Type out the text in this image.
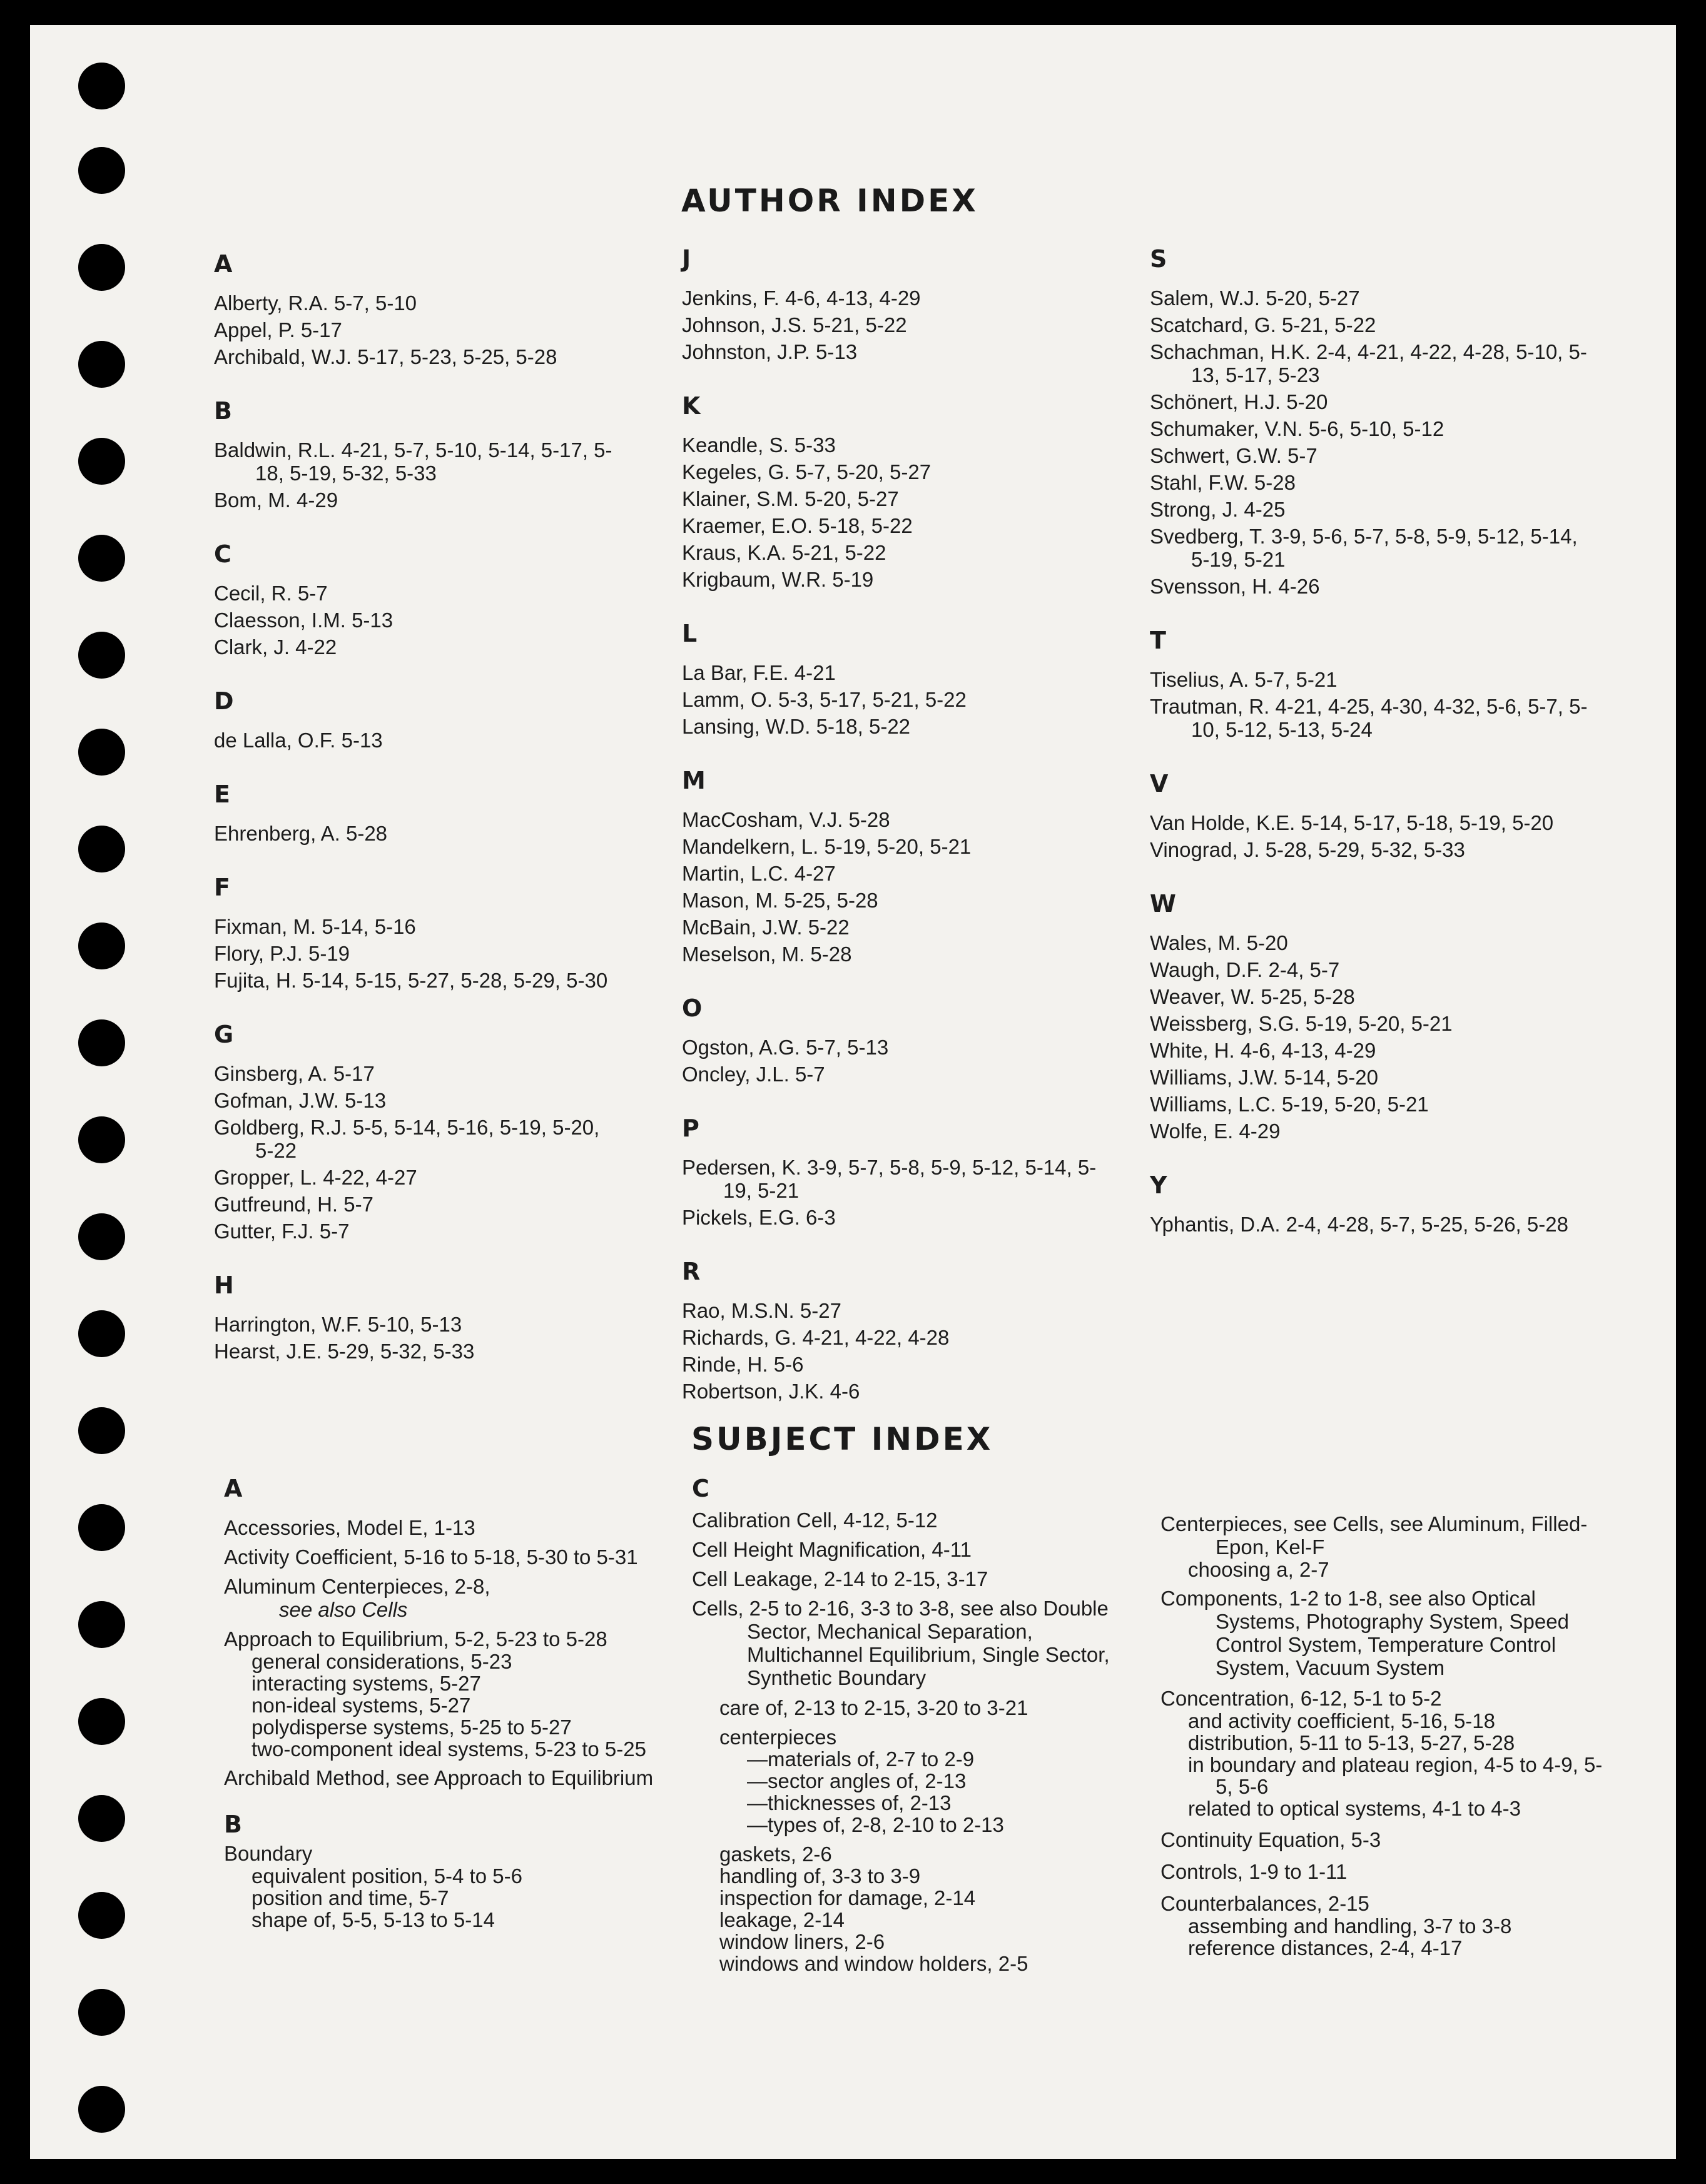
AUTHOR INDEX
A
Alberty, R.A. 5-7, 5-10
Appel, P. 5-17
Archibald, W.J. 5-17, 5-23, 5-25, 5-28
B
Baldwin, R.L. 4-21, 5-7, 5-10, 5-14, 5-17, 5-18, 5-19, 5-32, 5-33
Bom, M. 4-29
C
Cecil, R. 5-7
Claesson, I.M. 5-13
Clark, J. 4-22
D
de Lalla, O.F. 5-13
E
Ehrenberg, A. 5-28
F
Fixman, M. 5-14, 5-16
Flory, P.J. 5-19
Fujita, H. 5-14, 5-15, 5-27, 5-28, 5-29, 5-30
G
Ginsberg, A. 5-17
Gofman, J.W. 5-13
Goldberg, R.J. 5-5, 5-14, 5-16, 5-19, 5-20, 5-22
Gropper, L. 4-22, 4-27
Gutfreund, H. 5-7
Gutter, F.J. 5-7
H
Harrington, W.F. 5-10, 5-13
Hearst, J.E. 5-29, 5-32, 5-33
J
Jenkins, F. 4-6, 4-13, 4-29
Johnson, J.S. 5-21, 5-22
Johnston, J.P. 5-13
K
Keandle, S. 5-33
Kegeles, G. 5-7, 5-20, 5-27
Klainer, S.M. 5-20, 5-27
Kraemer, E.O. 5-18, 5-22
Kraus, K.A. 5-21, 5-22
Krigbaum, W.R. 5-19
L
La Bar, F.E. 4-21
Lamm, O. 5-3, 5-17, 5-21, 5-22
Lansing, W.D. 5-18, 5-22
M
MacCosham, V.J. 5-28
Mandelkern, L. 5-19, 5-20, 5-21
Martin, L.C. 4-27
Mason, M. 5-25, 5-28
McBain, J.W. 5-22
Meselson, M. 5-28
O
Ogston, A.G. 5-7, 5-13
Oncley, J.L. 5-7
P
Pedersen, K. 3-9, 5-7, 5-8, 5-9, 5-12, 5-14, 5-19, 5-21
Pickels, E.G. 6-3
R
Rao, M.S.N. 5-27
Richards, G. 4-21, 4-22, 4-28
Rinde, H. 5-6
Robertson, J.K. 4-6
S
Salem, W.J. 5-20, 5-27
Scatchard, G. 5-21, 5-22
Schachman, H.K. 2-4, 4-21, 4-22, 4-28, 5-10, 5-13, 5-17, 5-23
Schönert, H.J. 5-20
Schumaker, V.N. 5-6, 5-10, 5-12
Schwert, G.W. 5-7
Stahl, F.W. 5-28
Strong, J. 4-25
Svedberg, T. 3-9, 5-6, 5-7, 5-8, 5-9, 5-12, 5-14, 5-19, 5-21
Svensson, H. 4-26
T
Tiselius, A. 5-7, 5-21
Trautman, R. 4-21, 4-25, 4-30, 4-32, 5-6, 5-7, 5-10, 5-12, 5-13, 5-24
V
Van Holde, K.E. 5-14, 5-17, 5-18, 5-19, 5-20
Vinograd, J. 5-28, 5-29, 5-32, 5-33
W
Wales, M. 5-20
Waugh, D.F. 2-4, 5-7
Weaver, W. 5-25, 5-28
Weissberg, S.G. 5-19, 5-20, 5-21
White, H. 4-6, 4-13, 4-29
Williams, J.W. 5-14, 5-20
Williams, L.C. 5-19, 5-20, 5-21
Wolfe, E. 4-29
Y
Yphantis, D.A. 2-4, 4-28, 5-7, 5-25, 5-26, 5-28
SUBJECT INDEX
A
Accessories, Model E, 1-13
Activity Coefficient, 5-16 to 5-18, 5-30 to 5-31
Aluminum Centerpieces, 2-8,
see also Cells
Approach to Equilibrium, 5-2, 5-23 to 5-28
general considerations, 5-23
interacting systems, 5-27
non-ideal systems, 5-27
polydisperse systems, 5-25 to 5-27
two-component ideal systems, 5-23 to 5-25
Archibald Method, see Approach to Equilibrium
B
Boundary
equivalent position, 5-4 to 5-6
position and time, 5-7
shape of, 5-5, 5-13 to 5-14
C
Calibration Cell, 4-12, 5-12
Cell Height Magnification, 4-11
Cell Leakage, 2-14 to 2-15, 3-17
Cells, 2-5 to 2-16, 3-3 to 3-8, see also Double Sector, Mechanical Separation, Multichannel Equilibrium, Single Sector, Synthetic Boundary
care of, 2-13 to 2-15, 3-20 to 3-21
centerpieces
—materials of, 2-7 to 2-9
—sector angles of, 2-13
—thicknesses of, 2-13
—types of, 2-8, 2-10 to 2-13
gaskets, 2-6
handling of, 3-3 to 3-9
inspection for damage, 2-14
leakage, 2-14
window liners, 2-6
windows and window holders, 2-5
Centerpieces, see Cells, see Aluminum, Filled-Epon, Kel-F
choosing a, 2-7
Components, 1-2 to 1-8, see also Optical Systems, Photography System, Speed Control System, Temperature Control System, Vacuum System
Concentration, 6-12, 5-1 to 5-2
and activity coefficient, 5-16, 5-18
distribution, 5-11 to 5-13, 5-27, 5-28
in boundary and plateau region, 4-5 to 4-9, 5-5, 5-6
related to optical systems, 4-1 to 4-3
Continuity Equation, 5-3
Controls, 1-9 to 1-11
Counterbalances, 2-15
assembing and handling, 3-7 to 3-8
reference distances, 2-4, 4-17
